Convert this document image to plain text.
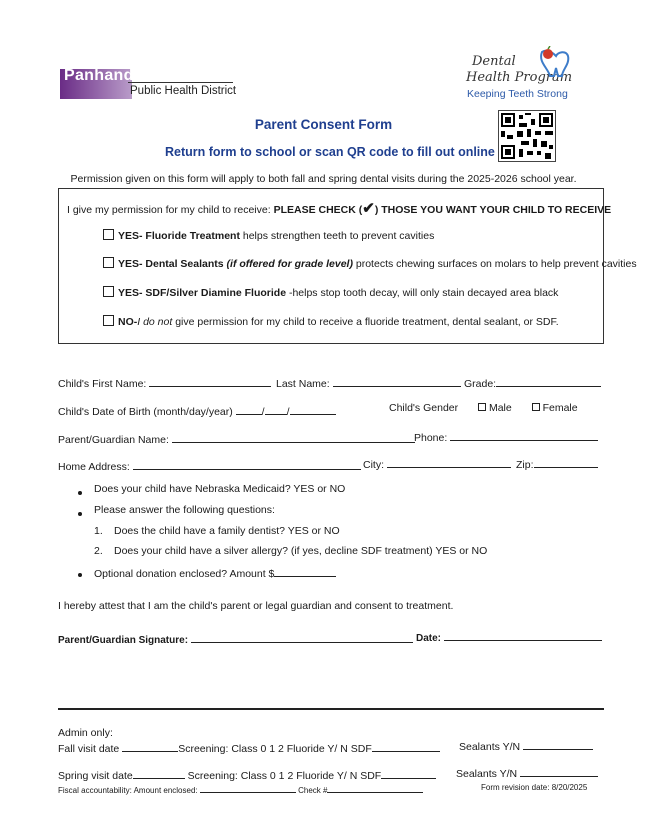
Panhandle
Public Health District
Dental
Health Program
Keeping Teeth Strong
Parent Consent Form
Return form to school or scan QR code to fill out online
Permission given on this form will apply to both fall and spring dental visits during the 2025-2026 school year.
I give my permission for my child to receive: PLEASE CHECK (✔) THOSE YOU WANT YOUR CHILD TO RECEIVE
YES- Fluoride Treatment helps strengthen teeth to prevent cavities
YES- Dental Sealants (if offered for grade level) protects chewing surfaces on molars to help prevent cavities
YES- SDF/Silver Diamine Fluoride -helps stop tooth decay, will only stain decayed area black
NO-I do not give permission for my child to receive a fluoride treatment, dental sealant, or SDF.
Child's First Name:	Last Name:	Grade:
Child's Date of Birth (month/day/year)	/ /	Child's Gender	Male	Female
Parent/Guardian Name:	Phone:
Home Address:	City:	Zip:
Does your child have Nebraska Medicaid? YES or NO
Please answer the following questions:
1. Does the child have a family dentist? YES or NO
2. Does your child have a silver allergy? (if yes, decline SDF treatment) YES or NO
Optional donation enclosed? Amount $
I hereby attest that I am the child's parent or legal guardian and consent to treatment.
Parent/Guardian Signature:	Date:
Admin only:
Fall visit date	Screening: Class 0 1 2 Fluoride Y/ N SDF	Sealants Y/N
Spring visit date	Screening: Class 0 1 2 Fluoride Y/ N SDF	Sealants Y/N
Fiscal accountability: Amount enclosed:	Check #	Form revision date: 8/20/2025
